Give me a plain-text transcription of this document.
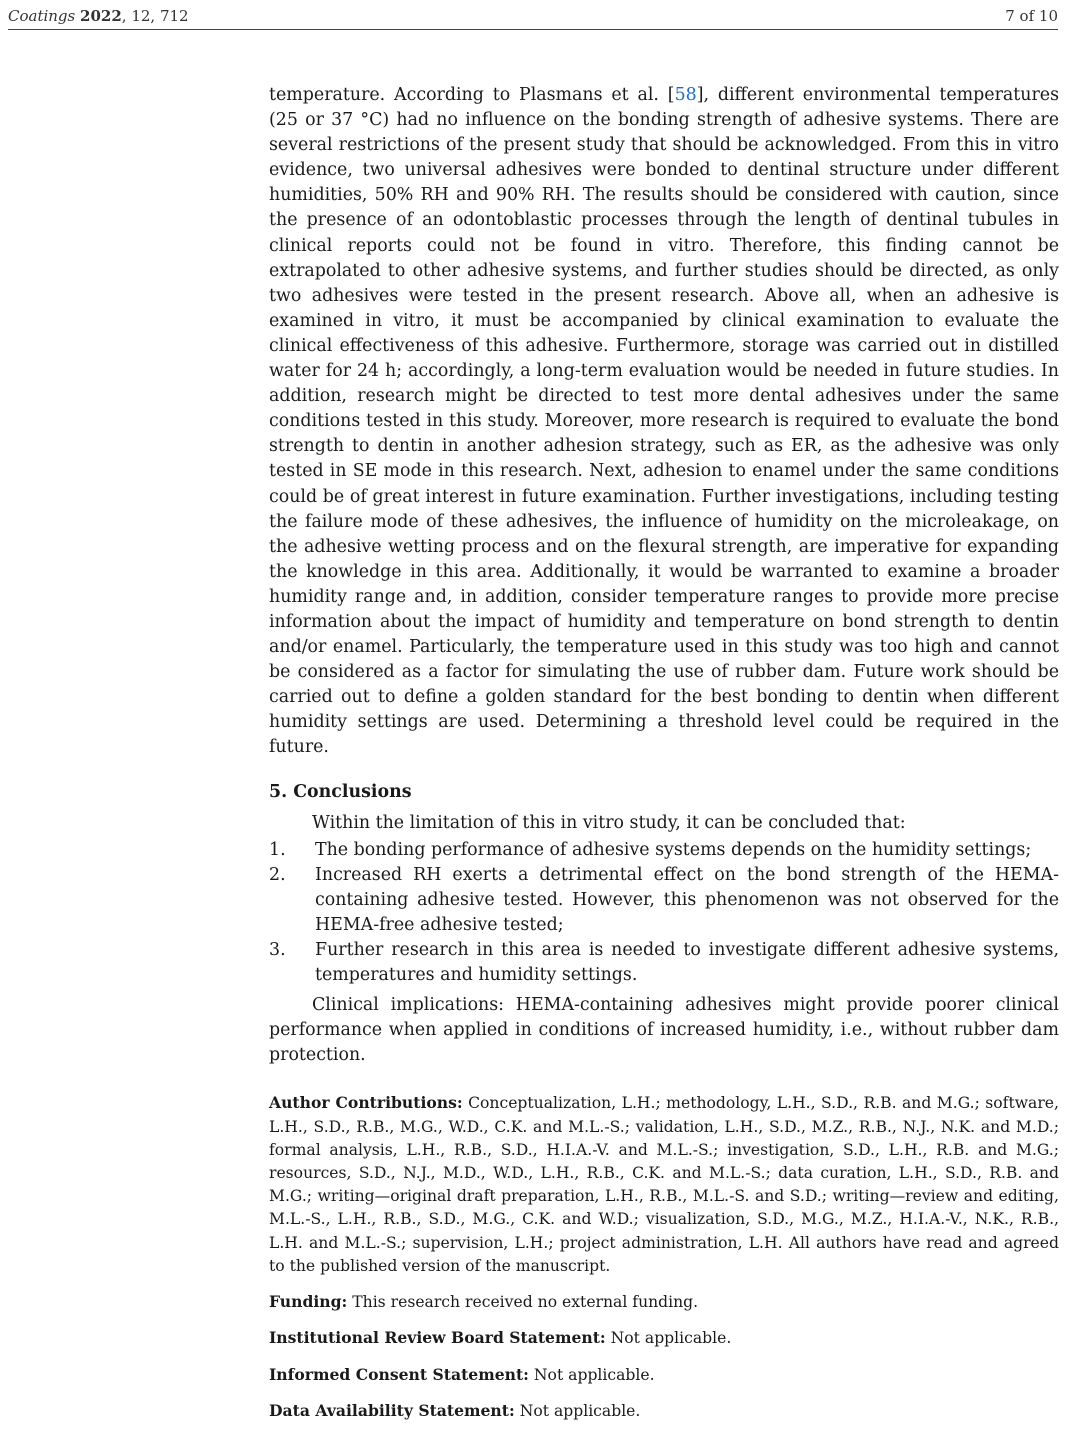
Coatings 2022, 12, 712	7 of 10

temperature. According to Plasmans et al. [58], different environmental temperatures (25 or 37 °C) had no influence on the bonding strength of adhesive systems. There are several restrictions of the present study that should be acknowledged. From this in vitro evidence, two universal adhesives were bonded to dentinal structure under different humidities, 50% RH and 90% RH. The results should be considered with caution, since the presence of an odontoblastic processes through the length of dentinal tubules in clinical reports could not be found in vitro. Therefore, this finding cannot be extrapolated to other adhesive systems, and further studies should be directed, as only two adhesives were tested in the present research. Above all, when an adhesive is examined in vitro, it must be accompanied by clinical examination to evaluate the clinical effectiveness of this adhesive. Furthermore, storage was carried out in distilled water for 24 h; accordingly, a long-term evaluation would be needed in future studies. In addition, research might be directed to test more dental adhesives under the same conditions tested in this study. Moreover, more research is required to evaluate the bond strength to dentin in another adhesion strategy, such as ER, as the adhesive was only tested in SE mode in this research. Next, adhesion to enamel under the same conditions could be of great interest in future examination. Further investigations, including testing the failure mode of these adhesives, the influence of humidity on the microleakage, on the adhesive wetting process and on the flexural strength, are imperative for expanding the knowledge in this area. Additionally, it would be warranted to examine a broader humidity range and, in addition, consider temperature ranges to provide more precise information about the impact of humidity and temperature on bond strength to dentin and/or enamel. Particularly, the temperature used in this study was too high and cannot be considered as a factor for simulating the use of rubber dam. Future work should be carried out to define a golden standard for the best bonding to dentin when different humidity settings are used. Determining a threshold level could be required in the future.

5. Conclusions

Within the limitation of this in vitro study, it can be concluded that:

1.	The bonding performance of adhesive systems depends on the humidity settings;
2.	Increased RH exerts a detrimental effect on the bond strength of the HEMA-containing adhesive tested. However, this phenomenon was not observed for the HEMA-free adhesive tested;
3.	Further research in this area is needed to investigate different adhesive systems, temperatures and humidity settings.

Clinical implications: HEMA-containing adhesives might provide poorer clinical performance when applied in conditions of increased humidity, i.e., without rubber dam protection.

Author Contributions: Conceptualization, L.H.; methodology, L.H., S.D., R.B. and M.G.; software, L.H., S.D., R.B., M.G., W.D., C.K. and M.L.-S.; validation, L.H., S.D., M.Z., R.B., N.J., N.K. and M.D.; formal analysis, L.H., R.B., S.D., H.I.A.-V. and M.L.-S.; investigation, S.D., L.H., R.B. and M.G.; resources, S.D., N.J., M.D., W.D., L.H., R.B., C.K. and M.L.-S.; data curation, L.H., S.D., R.B. and M.G.; writing—original draft preparation, L.H., R.B., M.L.-S. and S.D.; writing—review and editing, M.L.-S., L.H., R.B., S.D., M.G., C.K. and W.D.; visualization, S.D., M.G., M.Z., H.I.A.-V., N.K., R.B., L.H. and M.L.-S.; supervision, L.H.; project administration, L.H. All authors have read and agreed to the published version of the manuscript.

Funding: This research received no external funding.

Institutional Review Board Statement: Not applicable.

Informed Consent Statement: Not applicable.

Data Availability Statement: Not applicable.
